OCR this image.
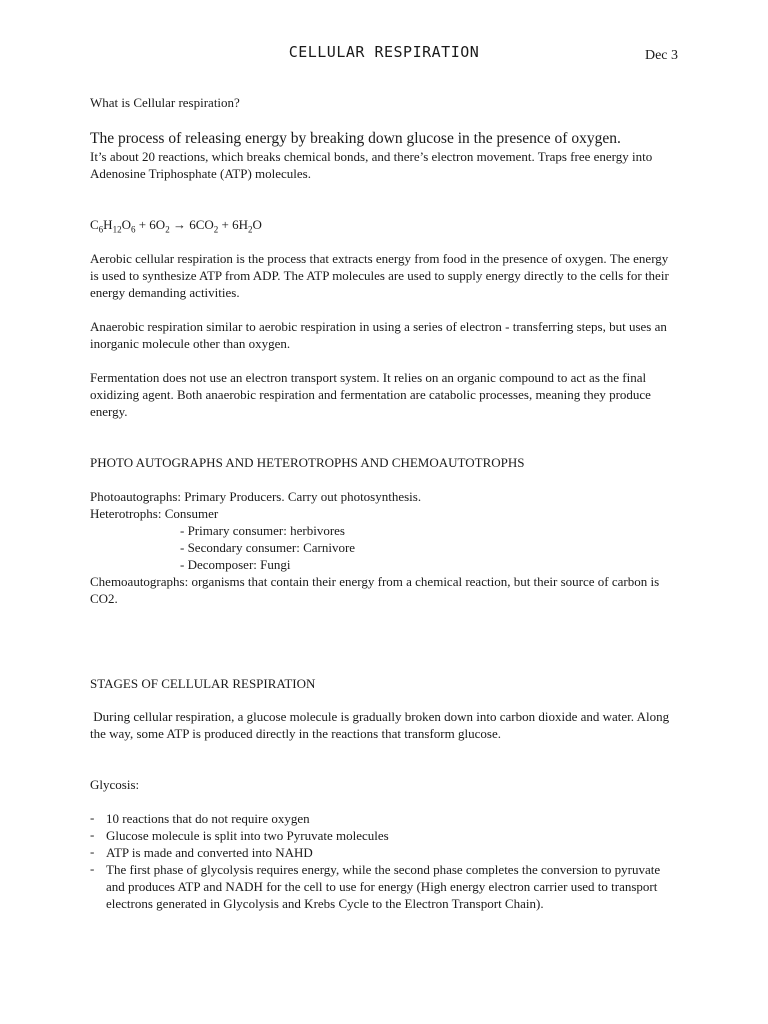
CELLULAR RESPIRATION	Dec 3

What is Cellular respiration?

The process of releasing energy by breaking down glucose in the presence of oxygen.

It’s about 20 reactions, which breaks chemical bonds, and there’s electron movement. Traps free energy into Adenosine Triphosphate (ATP) molecules.

$C_6H_{12}O_6 + 6O_2 \to 6CO_2 + 6H_2O$

Aerobic cellular respiration is the process that extracts energy from food in the presence of oxygen. The energy is used to synthesize ATP from ADP. The ATP molecules are used to supply energy directly to the cells for their energy demanding activities.

Anaerobic respiration similar to aerobic respiration in using a series of electron - transferring steps, but uses an inorganic molecule other than oxygen.

Fermentation does not use an electron transport system. It relies on an organic compound to act as the final oxidizing agent. Both anaerobic respiration and fermentation are catabolic processes, meaning they produce energy.

PHOTO AUTOGRAPHS AND HETEROTROPHS AND CHEMOAUTOTROPHS

Photoautographs: Primary Producers. Carry out photosynthesis.

Heterotrophs: Consumer

- Primary consumer: herbivores

- Secondary consumer: Carnivore

- Decomposer: Fungi

Chemoautographs: organisms that contain their energy from a chemical reaction, but their source of carbon is CO2.

STAGES OF CELLULAR RESPIRATION

During cellular respiration, a glucose molecule is gradually broken down into carbon dioxide and water. Along the way, some ATP is produced directly in the reactions that transform glucose.

Glycosis:

- 10 reactions that do not require oxygen
- Glucose molecule is split into two Pyruvate molecules
- ATP is made and converted into NAHD
- The first phase of glycolysis requires energy, while the second phase completes the conversion to pyruvate and produces ATP and NADH for the cell to use for energy (High energy electron carrier used to transport electrons generated in Glycolysis and Krebs Cycle to the Electron Transport Chain).
